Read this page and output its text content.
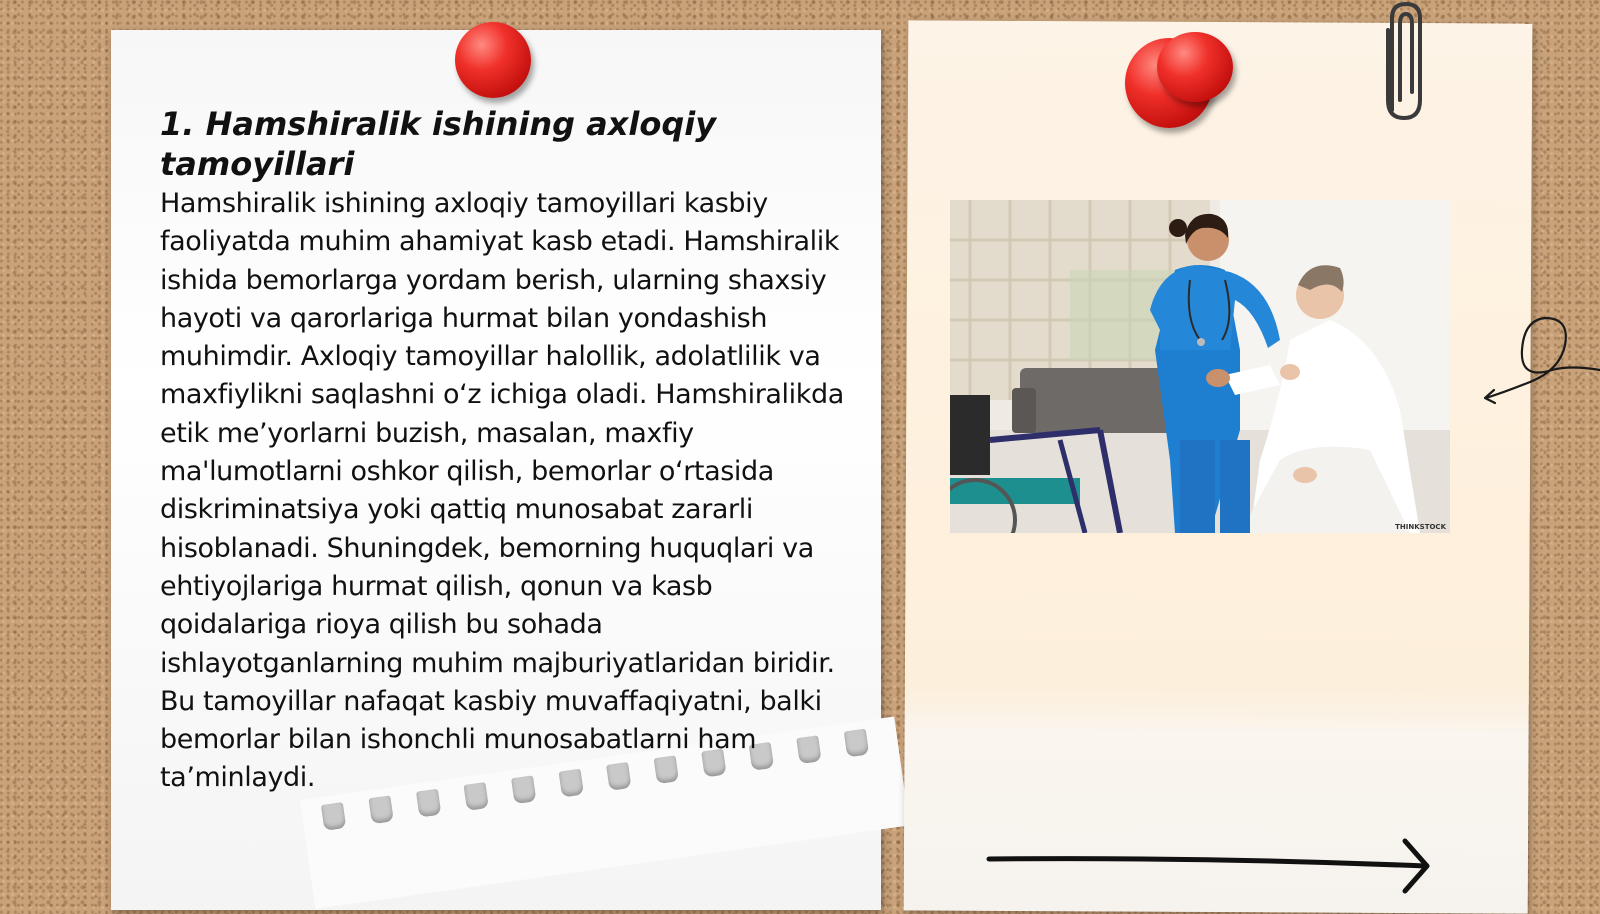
1. Hamshiralik ishining axloqiy tamoyillari

Hamshiralik ishining axloqiy tamoyillari kasbiy faoliyatda muhim ahamiyat kasb etadi. Hamshiralik ishida bemorlarga yordam berish, ularning shaxsiy hayoti va qarorlariga hurmat bilan yondashish muhimdir. Axloqiy tamoyillar halollik, adolatlilik va maxfiylikni saqlashni o‘z ichiga oladi. Hamshiralikda etik me’yorlarni buzish, masalan, maxfiy ma'lumotlarni oshkor qilish, bemorlar o‘rtasida diskriminatsiya yoki qattiq munosabat zararli hisoblanadi. Shuningdek, bemorning huquqlari va ehtiyojlariga hurmat qilish, qonun va kasb qoidalariga rioya qilish bu sohada ishlayotganlarning muhim majburiyatlaridan biridir. Bu tamoyillar nafaqat kasbiy muvaffaqiyatni, balki bemorlar bilan ishonchli munosabatlarni ham ta’minlaydi.

THINKSTOCK
